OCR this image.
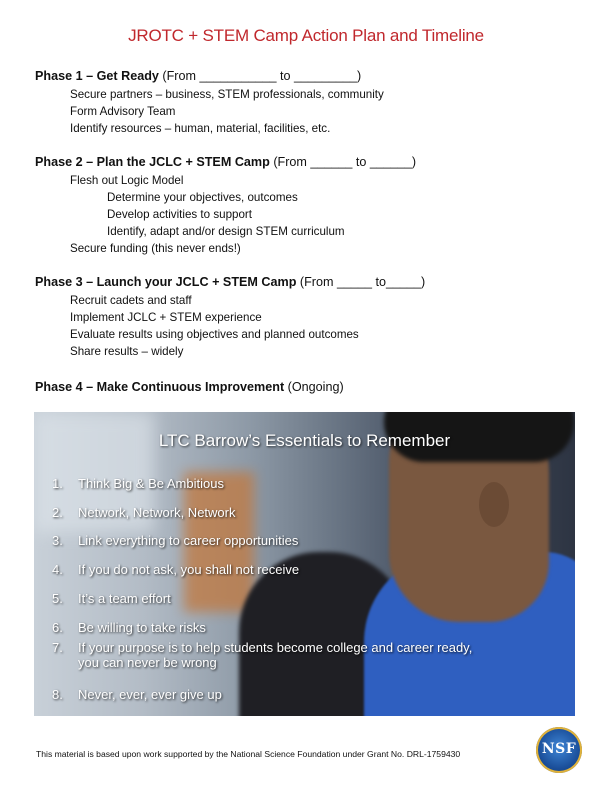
JROTC + STEM Camp Action Plan and Timeline
Phase 1 – Get Ready (From ___________ to _________)
Secure partners – business, STEM professionals, community
Form Advisory Team
Identify resources – human, material, facilities, etc.
Phase 2 – Plan the JCLC + STEM Camp (From ______ to ______)
Flesh out Logic Model
Determine your objectives, outcomes
Develop activities to support
Identify, adapt and/or design STEM curriculum
Secure funding (this never ends!)
Phase 3 – Launch your JCLC + STEM Camp (From _____ to_____)
Recruit cadets and staff
Implement JCLC + STEM experience
Evaluate results using objectives and planned outcomes
Share results – widely
Phase 4 – Make Continuous Improvement (Ongoing)
LTC Barrow’s Essentials to Remember
1. Think Big & Be Ambitious
2. Network, Network, Network
3. Link everything to career opportunities
4. If you do not ask, you shall not receive
5. It’s a team effort
6. Be willing to take risks
7. If your purpose is to help students become college and career ready,
you can never be wrong
8. Never, ever, ever give up
This material is based upon work supported by the National Science Foundation under Grant No. DRL-1759430	NSF
